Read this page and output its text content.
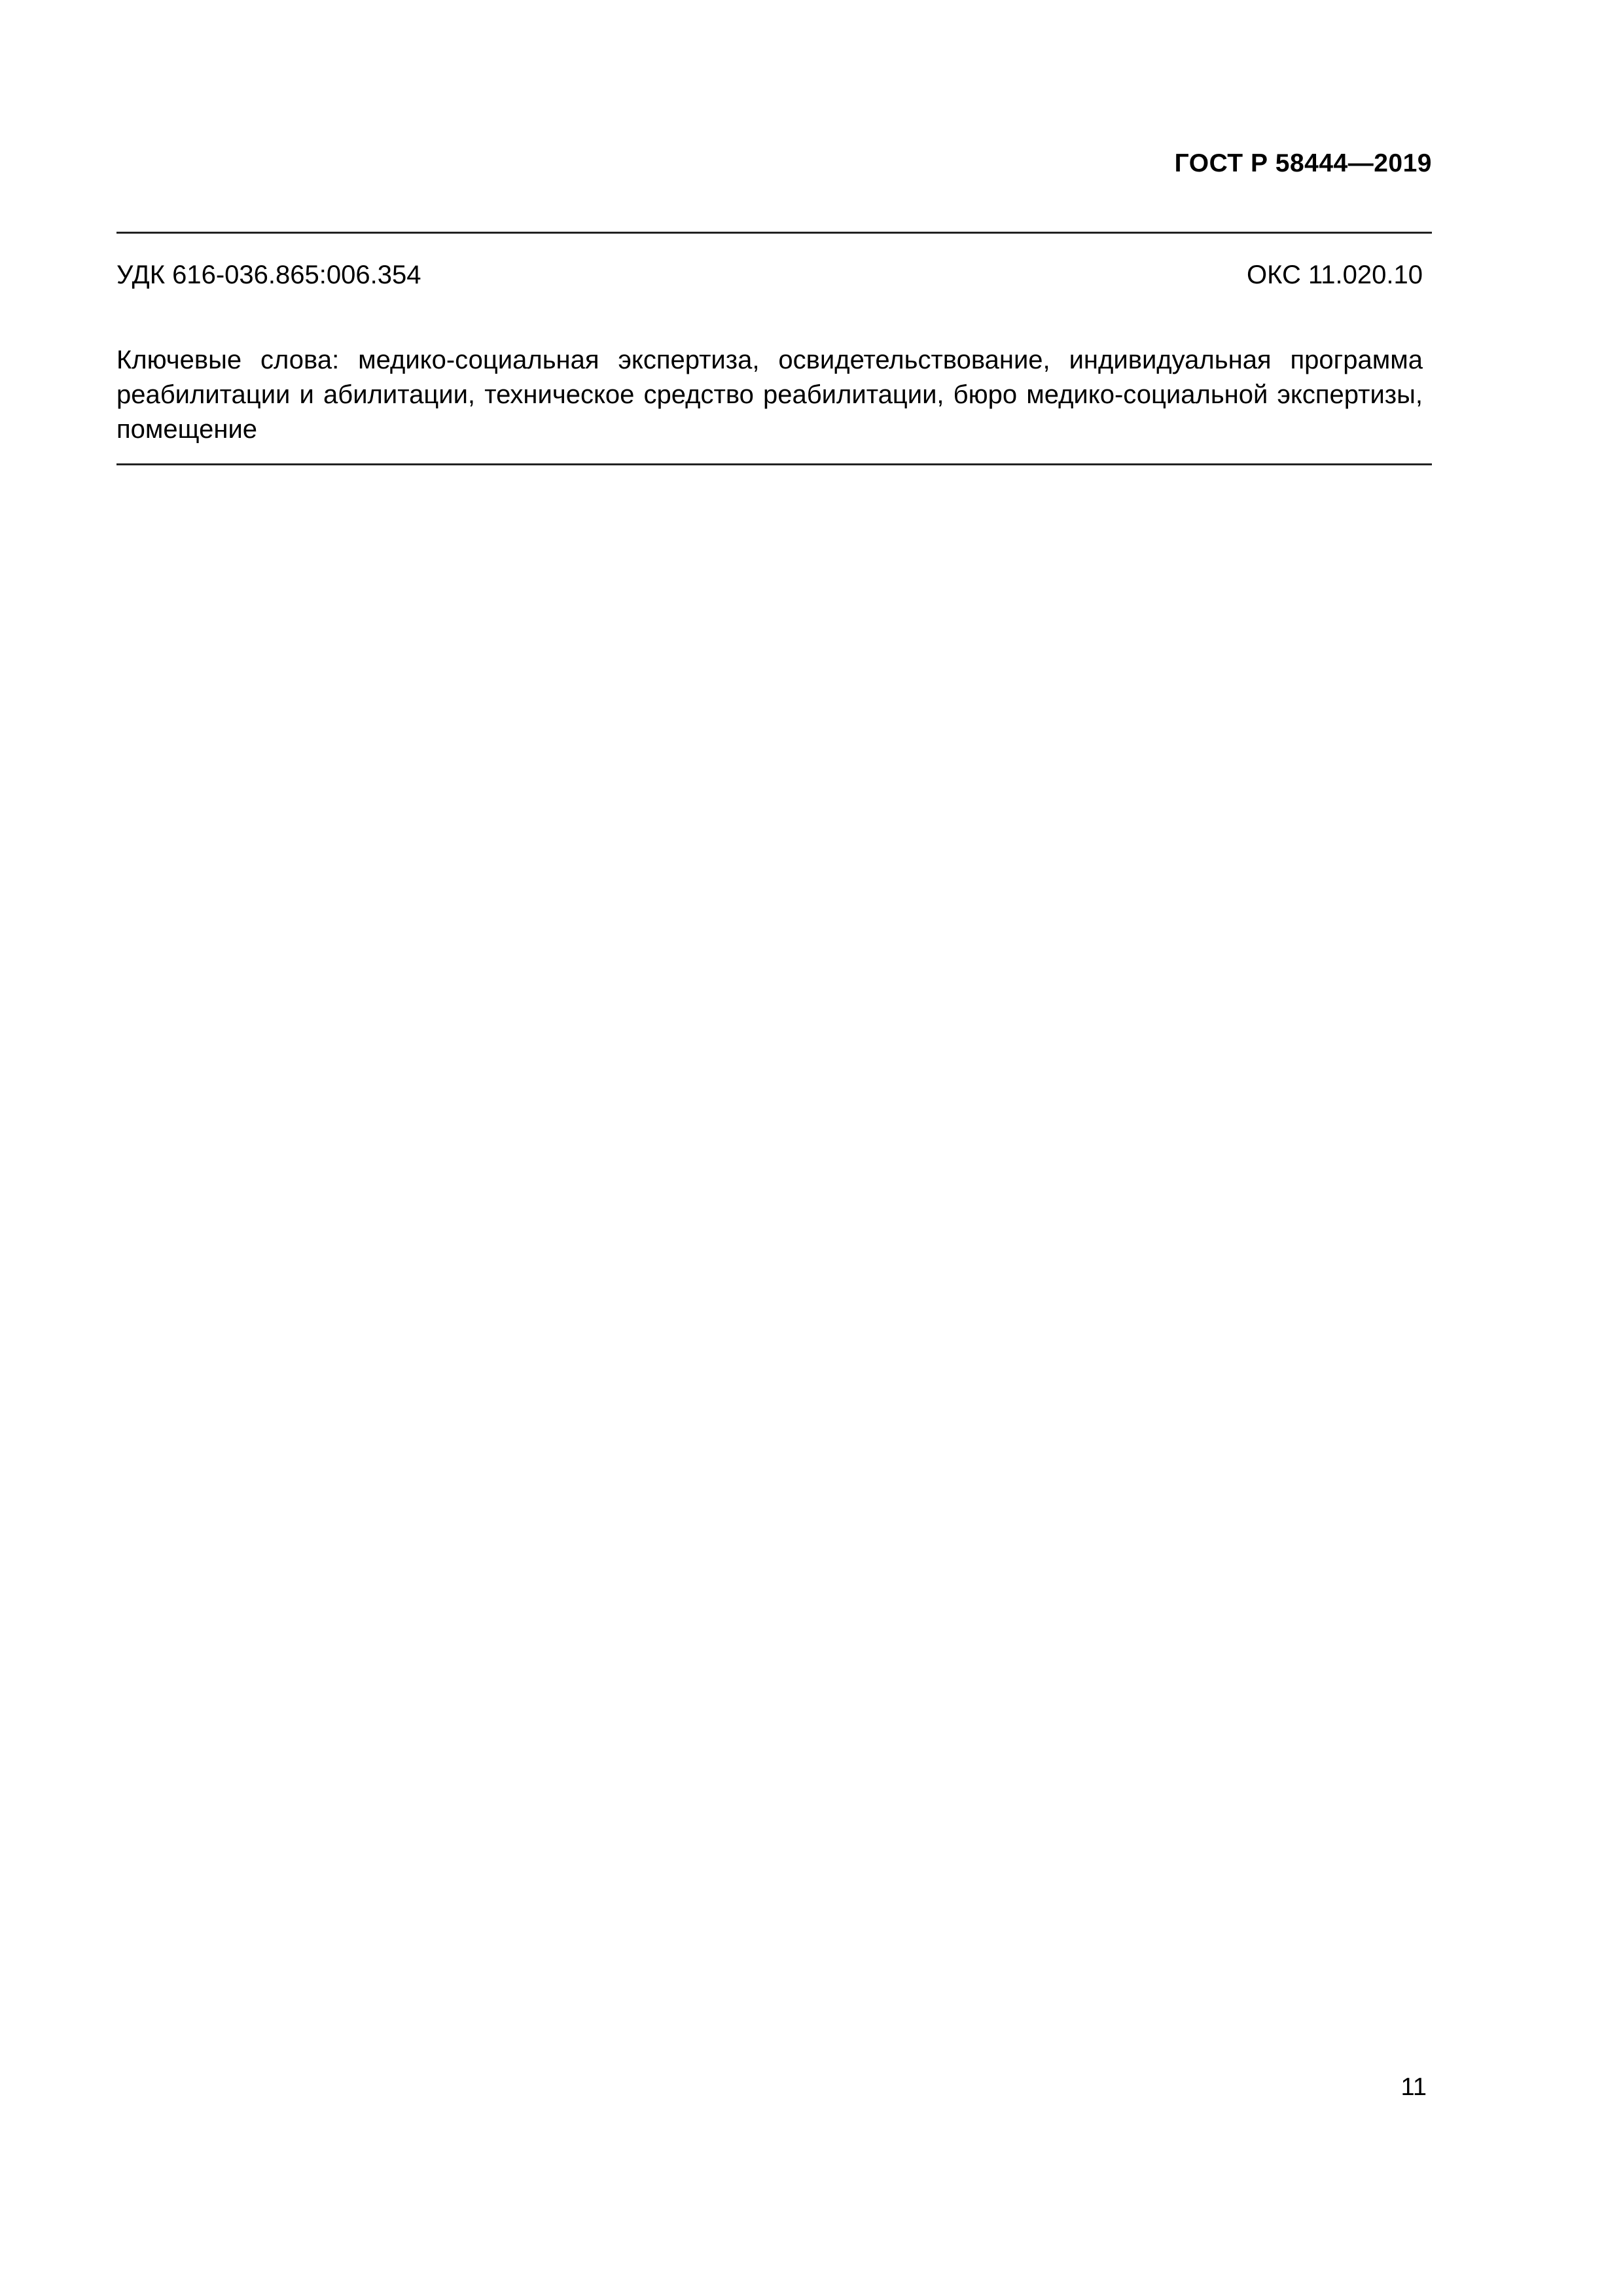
ГОСТ Р 58444—2019
УДК 616-036.865:006.354	ОКС 11.020.10
Ключевые слова: медико-социальная экспертиза, освидетельствование, индивидуальная программа реабилитации и абилитации, техническое средство реабилитации, бюро медико-социальной экспертизы, помещение
11
